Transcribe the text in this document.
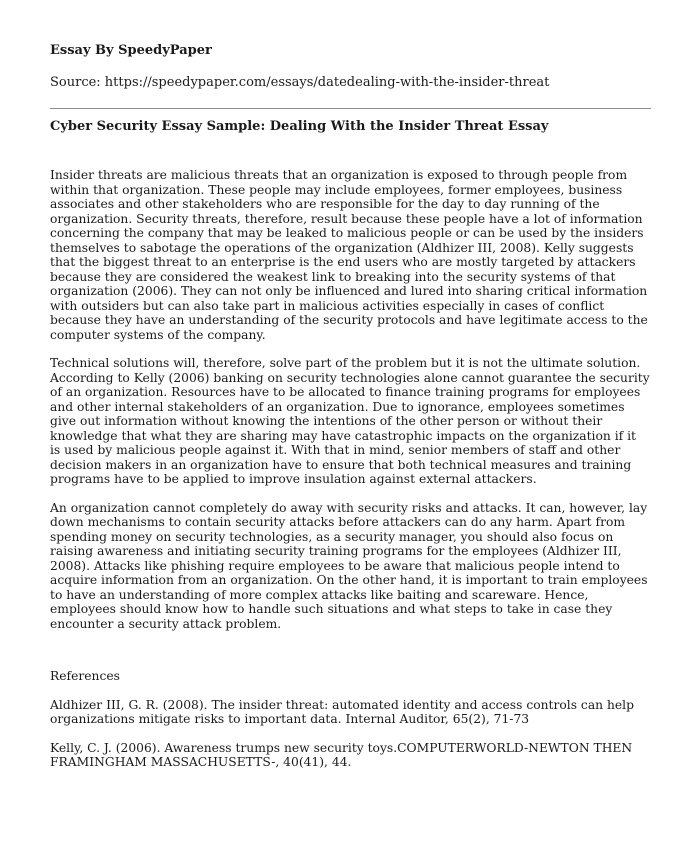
Essay By SpeedyPaper
Source: https://speedypaper.com/essays/datedealing-with-the-insider-threat
Cyber Security Essay Sample: Dealing With the Insider Threat Essay

Insider threats are malicious threats that an organization is exposed to through people from within that organization. These people may include employees, former employees, business associates and other stakeholders who are responsible for the day to day running of the organization. Security threats, therefore, result because these people have a lot of information concerning the company that may be leaked to malicious people or can be used by the insiders themselves to sabotage the operations of the organization (Aldhizer III, 2008). Kelly suggests that the biggest threat to an enterprise is the end users who are mostly targeted by attackers because they are considered the weakest link to breaking into the security systems of that organization (2006). They can not only be influenced and lured into sharing critical information with outsiders but can also take part in malicious activities especially in cases of conflict because they have an understanding of the security protocols and have legitimate access to the computer systems of the company.

Technical solutions will, therefore, solve part of the problem but it is not the ultimate solution. According to Kelly (2006) banking on security technologies alone cannot guarantee the security of an organization. Resources have to be allocated to finance training programs for employees and other internal stakeholders of an organization. Due to ignorance, employees sometimes give out information without knowing the intentions of the other person or without their knowledge that what they are sharing may have catastrophic impacts on the organization if it is used by malicious people against it. With that in mind, senior members of staff and other decision makers in an organization have to ensure that both technical measures and training programs have to be applied to improve insulation against external attackers.

An organization cannot completely do away with security risks and attacks. It can, however, lay down mechanisms to contain security attacks before attackers can do any harm. Apart from spending money on security technologies, as a security manager, you should also focus on raising awareness and initiating security training programs for the employees (Aldhizer III, 2008). Attacks like phishing require employees to be aware that malicious people intend to acquire information from an organization. On the other hand, it is important to train employees to have an understanding of more complex attacks like baiting and scareware. Hence, employees should know how to handle such situations and what steps to take in case they encounter a security attack problem.

References

Aldhizer III, G. R. (2008). The insider threat: automated identity and access controls can help organizations mitigate risks to important data. Internal Auditor, 65(2), 71-73

Kelly, C. J. (2006). Awareness trumps new security toys.COMPUTERWORLD-NEWTON THEN FRAMINGHAM MASSACHUSETTS-, 40(41), 44.
